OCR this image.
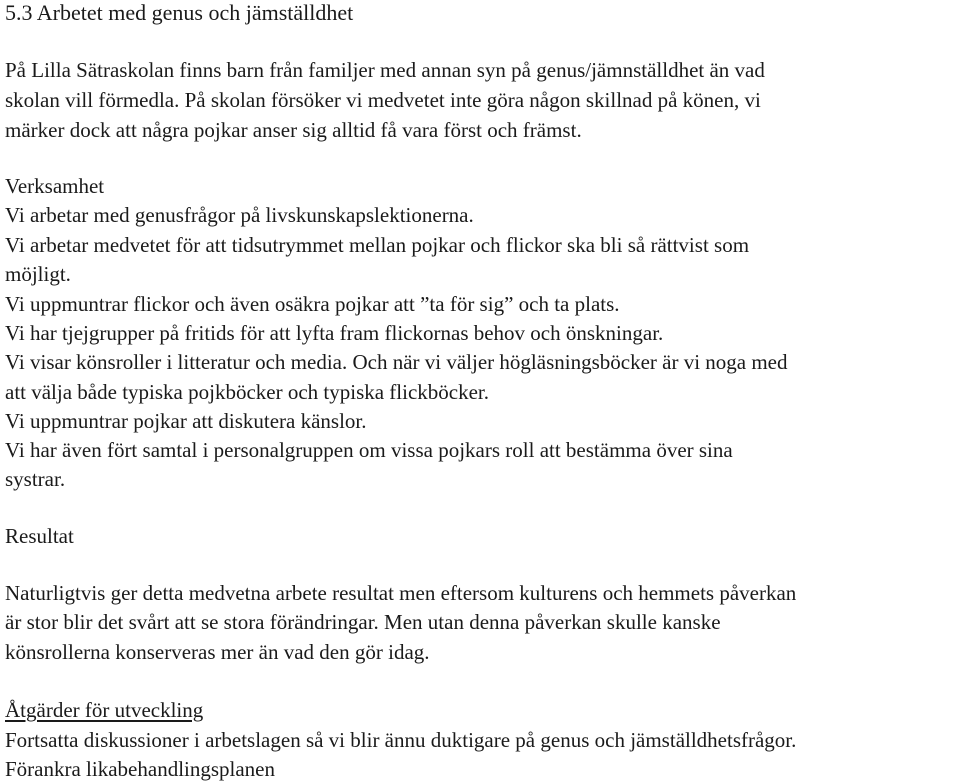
5.3 Arbetet med genus och jämställdhet
På Lilla Sätraskolan finns barn från familjer med annan syn på genus/jämnställdhet än vad
skolan vill förmedla. På skolan försöker vi medvetet inte göra någon skillnad på könen, vi
märker dock att några pojkar anser sig alltid få vara först och främst.
Verksamhet
Vi arbetar med genusfrågor på livskunskapslektionerna.
Vi arbetar medvetet för att tidsutrymmet mellan pojkar och flickor ska bli så rättvist som
möjligt.
Vi uppmuntrar flickor och även osäkra pojkar att ”ta för sig” och ta plats.
Vi har tjejgrupper på fritids för att lyfta fram flickornas behov och önskningar.
Vi visar könsroller i litteratur och media. Och när vi väljer högläsningsböcker är vi noga med
att välja både typiska pojkböcker och typiska flickböcker.
Vi uppmuntrar pojkar att diskutera känslor.
Vi har även fört samtal i personalgruppen om vissa pojkars roll att bestämma över sina
systrar.
Resultat
Naturligtvis ger detta medvetna arbete resultat men eftersom kulturens och hemmets påverkan
är stor blir det svårt att se stora förändringar. Men utan denna påverkan skulle kanske
könsrollerna konserveras mer än vad den gör idag.
Åtgärder för utveckling
Fortsatta diskussioner i arbetslagen så vi blir ännu duktigare på genus och jämställdhetsfrågor.
Förankra likabehandlingsplanen
